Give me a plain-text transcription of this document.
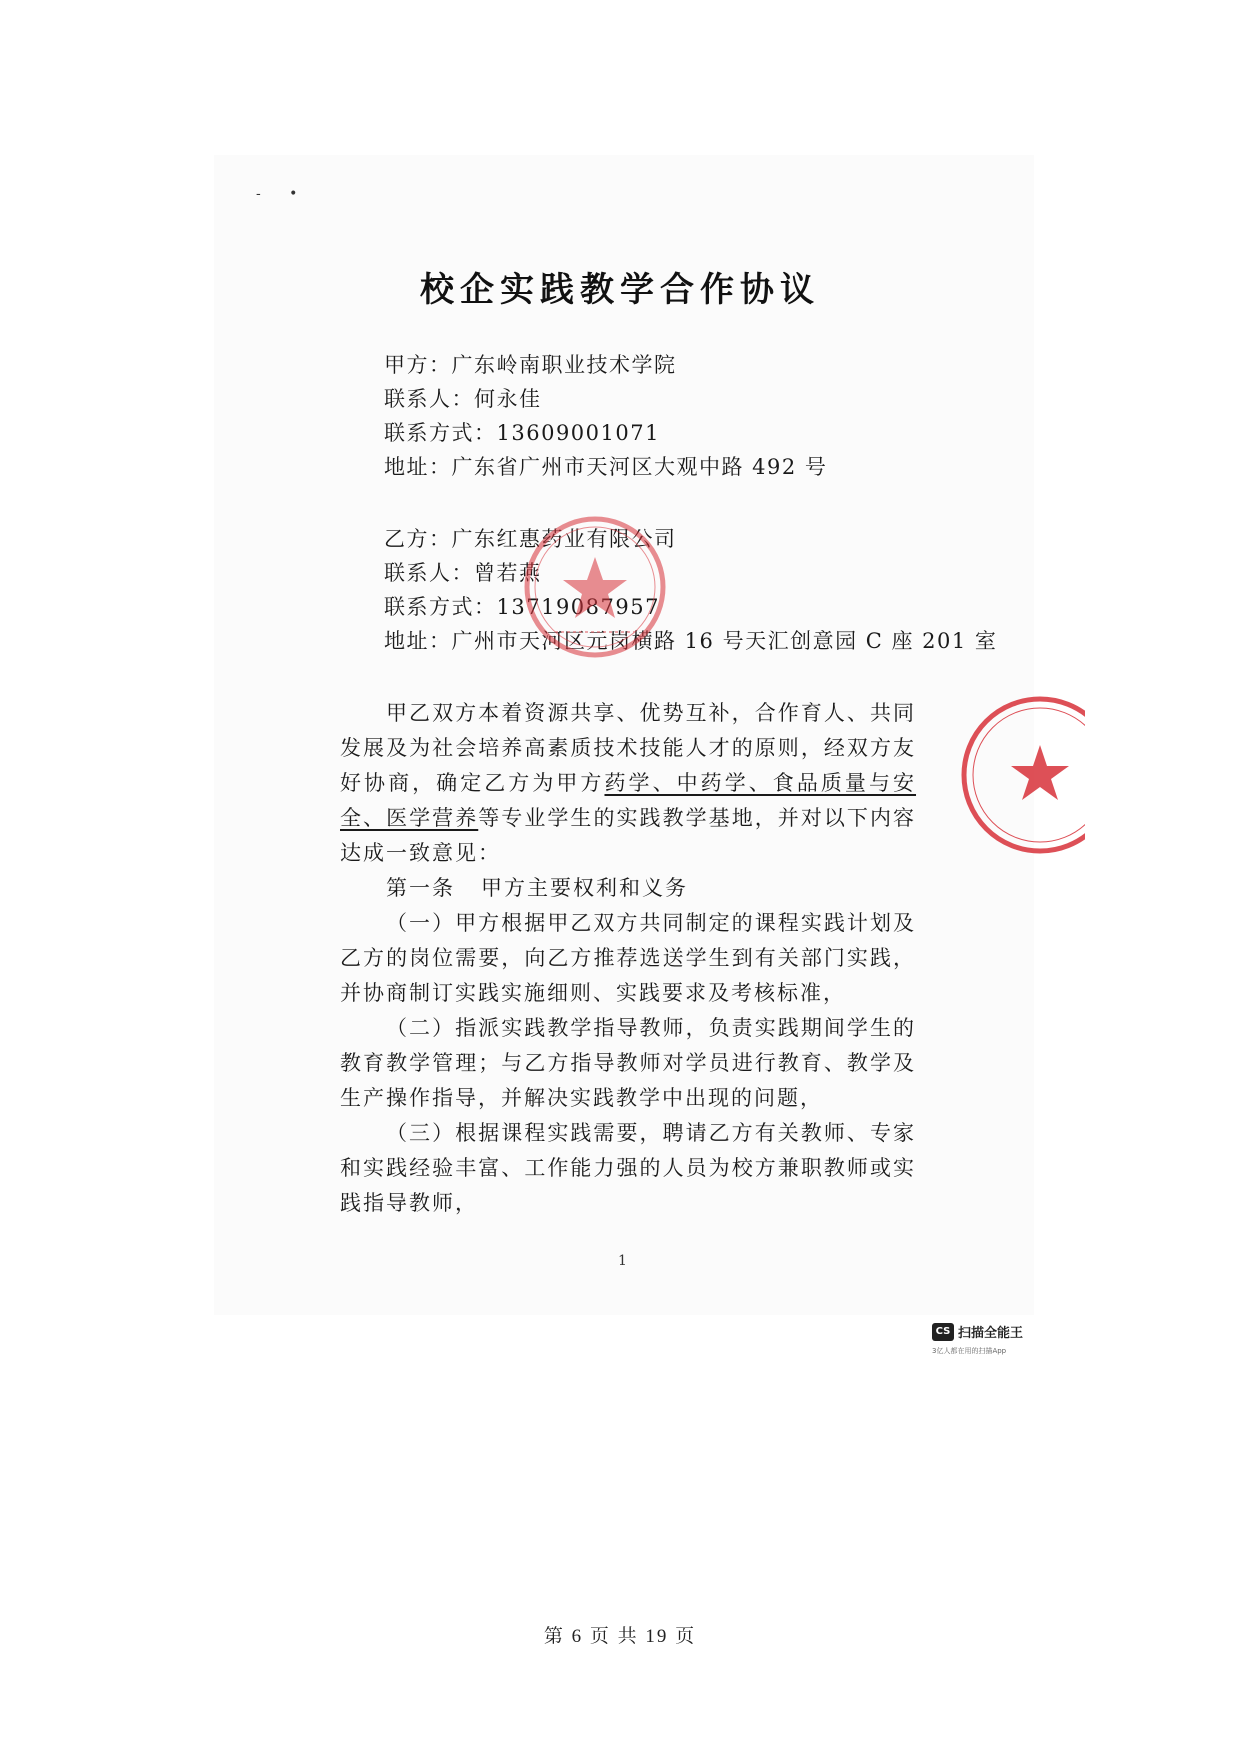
‐ •
校企实践教学合作协议
甲方：广东岭南职业技术学院
联系人：何永佳
联系方式：13609001071
地址：广东省广州市天河区大观中路 492 号
乙方：广东红惠药业有限公司
联系人：曾若燕
联系方式：13719087957
地址：广州市天河区元岗横路 16 号天汇创意园 C 座 201 室

甲乙双方本着资源共享、优势互补，合作育人、共同发展及为社会培养高素质技术技能人才的原则，经双方友好协商，确定乙方为甲方药学、中药学、食品质量与安全、医学营养等专业学生的实践教学基地，并对以下内容达成一致意见：

第一条 甲方主要权利和义务

（一）甲方根据甲乙双方共同制定的课程实践计划及乙方的岗位需要，向乙方推荐选送学生到有关部门实践，并协商制订实践实施细则、实践要求及考核标准，

（二）指派实践教学指导教师，负责实践期间学生的教育教学管理；与乙方指导教师对学员进行教育、教学及生产操作指导，并解决实践教学中出现的问题，

（三）根据课程实践需要，聘请乙方有关教师、专家和实践经验丰富、工作能力强的人员为校方兼职教师或实践指导教师，

1
CS 扫描全能王
3亿人都在用的扫描App
第 6 页 共 19 页
